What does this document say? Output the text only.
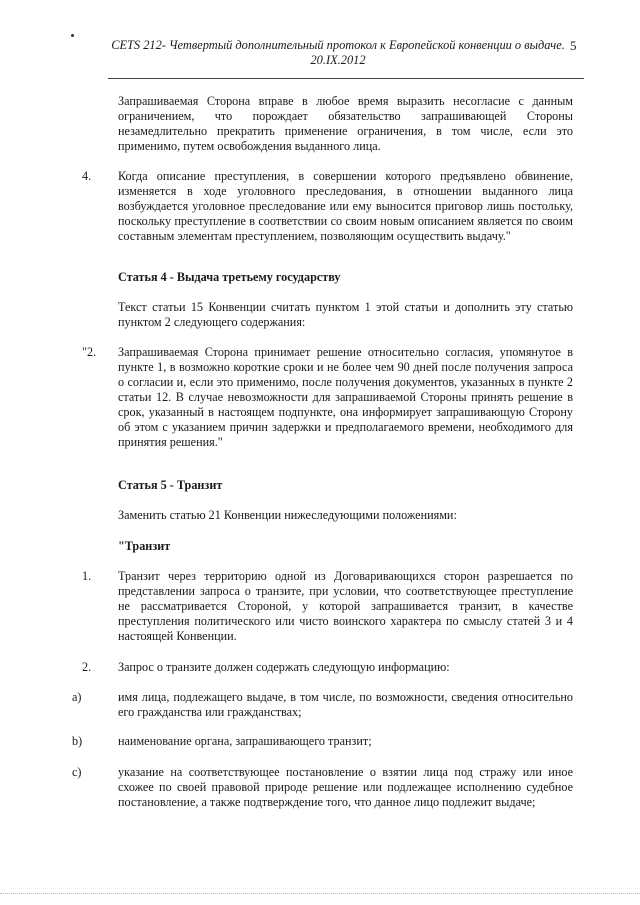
CETS 212- Четвертый дополнительный протокол к Европейской конвенции о выдаче.
20.IX.2012
5

Запрашиваемая Сторона вправе в любое время выразить несогласие с данным ограничением, что порождает обязательство запрашивающей Стороны незамедлительно прекратить применение ограничения, в том числе, если это применимо, путем освобождения выданного лица.

4. Когда описание преступления, в совершении которого предъявлено обвинение, изменяется в ходе уголовного преследования, в отношении выданного лица возбуждается уголовное преследование или ему выносится приговор лишь постольку, поскольку преступление в соответствии со своим новым описанием является по своим составным элементам преступлением, позволяющим осуществить выдачу."

Статья 4 - Выдача третьему государству

Текст статьи 15 Конвенции считать пунктом 1 этой статьи и дополнить эту статью пунктом 2 следующего содержания:

"2. Запрашиваемая Сторона принимает решение относительно согласия, упомянутое в пункте 1, в возможно короткие сроки и не более чем 90 дней после получения запроса о согласии и, если это применимо, после получения документов, указанных в пункте 2 статьи 12. В случае невозможности для запрашиваемой Стороны принять решение в срок, указанный в настоящем подпункте, она информирует запрашивающую Сторону об этом с указанием причин задержки и предполагаемого времени, необходимого для принятия решения."

Статья 5 - Транзит

Заменить статью 21 Конвенции нижеследующими положениями:

"Транзит
1. Транзит через территорию одной из Договаривающихся сторон разрешается по представлении запроса о транзите, при условии, что соответствующее преступление не рассматривается Стороной, у которой запрашивается транзит, в качестве преступления политического или чисто воинского характера по смыслу статей 3 и 4 настоящей Конвенции.

2. Запрос о транзите должен содержать следующую информацию:

a)	имя лица, подлежащего выдаче, в том числе, по возможности, сведения относительно его гражданства или гражданствах;

b)	наименование органа, запрашивающего транзит;

c)	указание на соответствующее постановление о взятии лица под стражу или иное схожее по своей правовой природе решение или подлежащее исполнению судебное постановление, а также подтверждение того, что данное лицо подлежит выдаче;
